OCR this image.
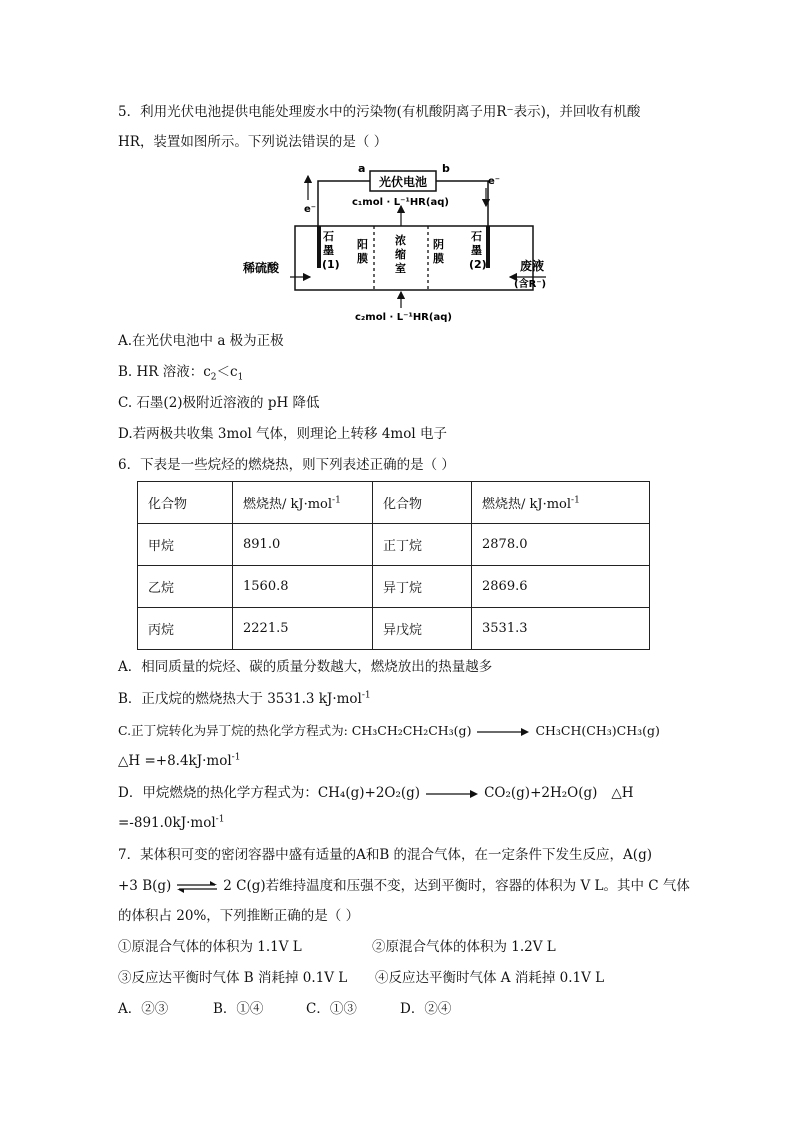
5．利用光伏电池提供电能处理废水中的污染物(有机酸阴离子用R⁻表示)，并回收有机酸
HR，装置如图所示。下列说法错误的是（ ）
光伏电池
a	b
e⁻
e⁻
c₁mol · L⁻¹HR(aq)
石
墨
(1)
阳
膜
浓
缩
室
阴
膜
石
墨
(2)
稀硫酸	废液
(含R⁻)
c₂mol · L⁻¹HR(aq)
A.在光伏电池中 a 极为正极
B. HR 溶液：$c_2<c_1$
C. 石墨(2)极附近溶液的 pH 降低
D.若两极共收集 3mol 气体，则理论上转移 4mol 电子
6．下表是一些烷烃的燃烧热，则下列表述正确的是（ ）
化合物	燃烧热/ kJ·mol$^{-1}$	化合物	燃烧热/ kJ·mol$^{-1}$
甲烷	891.0	正丁烷	2878.0
乙烷	1560.8	异丁烷	2869.6
丙烷	2221.5	异戊烷	3531.3
A．相同质量的烷烃、碳的质量分数越大，燃烧放出的热量越多
B．正戊烷的燃烧热大于 3531.3 kJ·mol$^{-1}$
C.正丁烷转化为异丁烷的热化学方程式为: CH₃CH₂CH₂CH₃(g)	CH₃CH(CH₃)CH₃(g)
△H =+8.4kJ·mol$^{-1}$
D．甲烷燃烧的热化学方程式为：CH₄(g)+2O₂(g) → CO₂(g)+2H₂O(g) △H
=-891.0kJ·mol$^{-1}$
7．某体积可变的密闭容器中盛有适量的A和B 的混合气体，在一定条件下发生反应，A(g)
+3 B(g) ⇌ 2 C(g)若维持温度和压强不变，达到平衡时，容器的体积为 V L。其中 C 气体
的体积占 20%，下列推断正确的是（ ）
①原混合气体的体积为 1.1V L	②原混合气体的体积为 1.2V L
③反应达平衡时气体 B 消耗掉 0.1V L ④反应达平衡时气体 A 消耗掉 0.1V L
A．②③	B．①④	C．①③	D．②④
